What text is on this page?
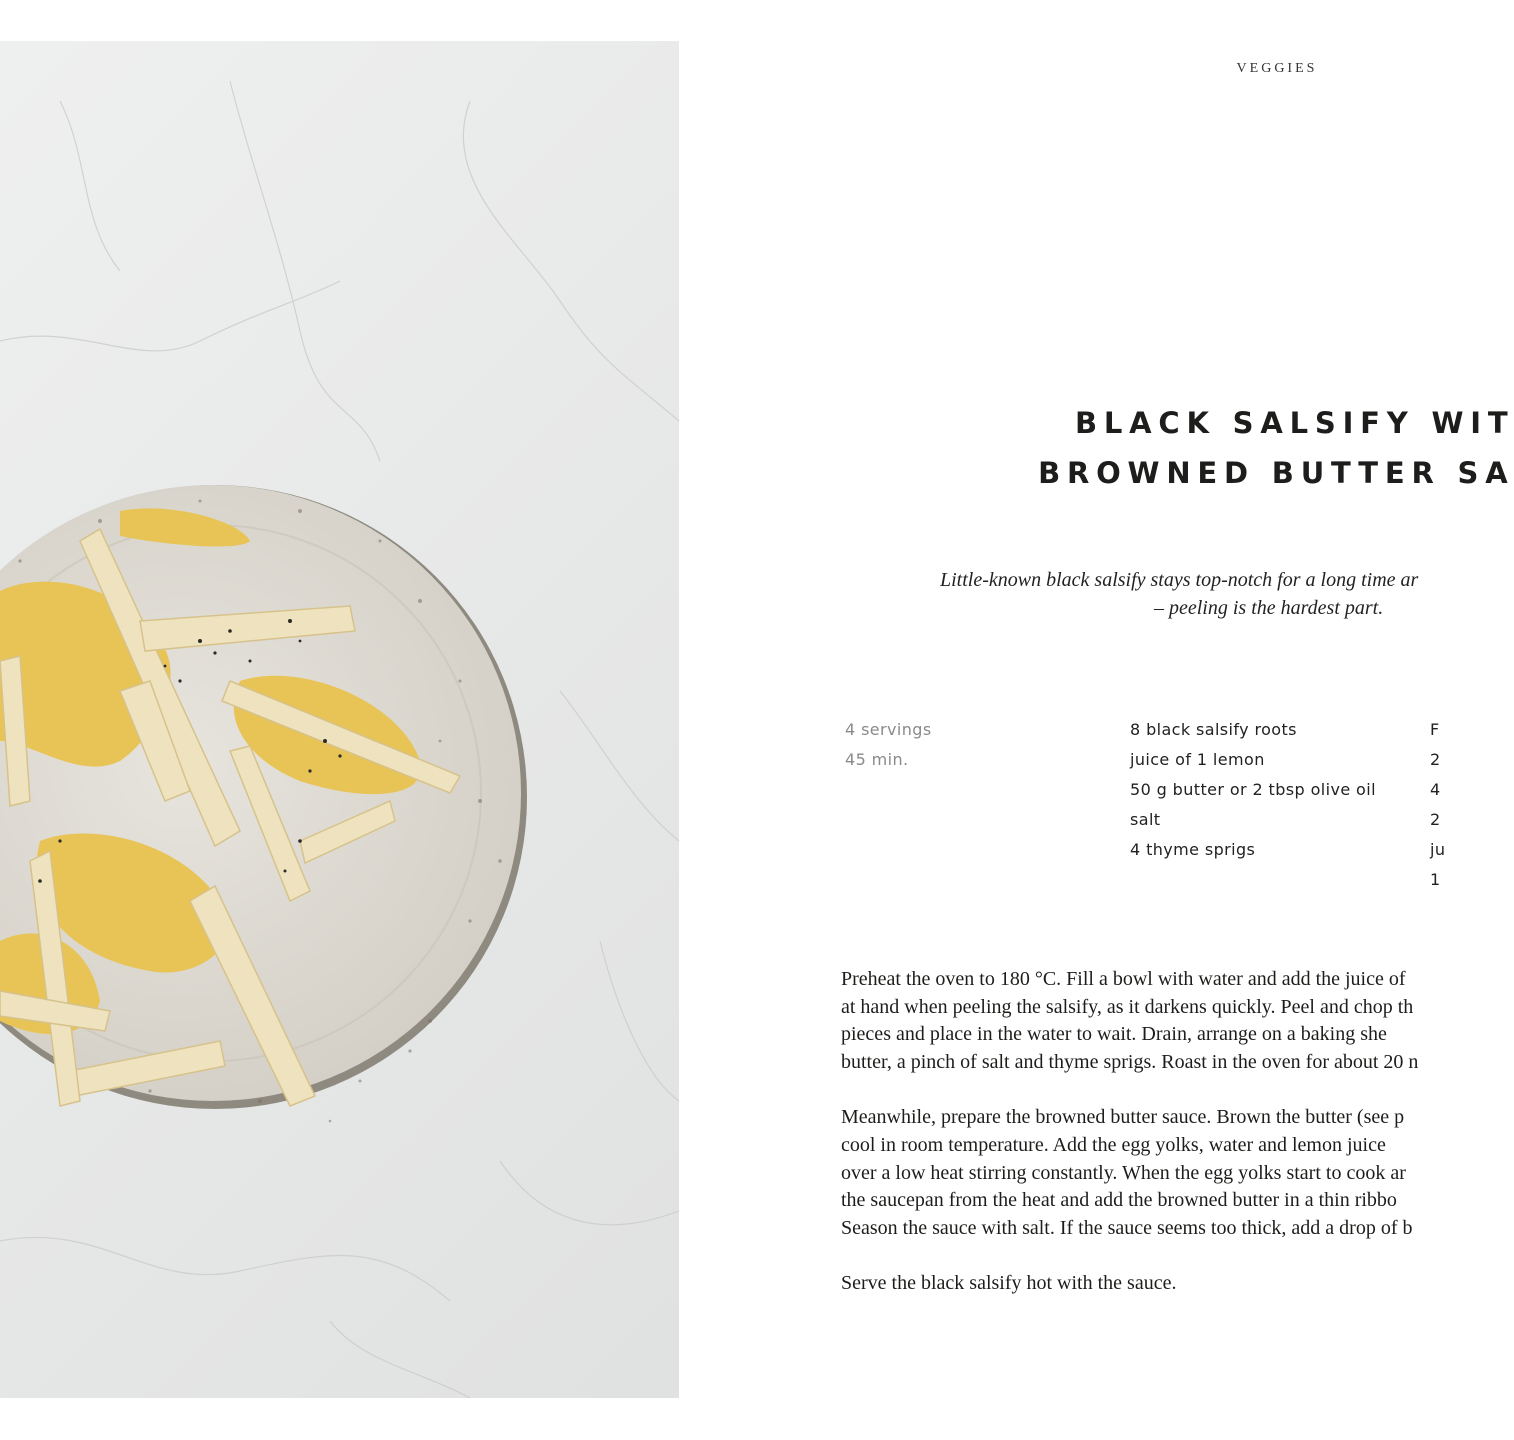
VEGGIES
BLACK SALSIFY WIT
BROWNED BUTTER SA
Little-known black salsify stays top-notch for a long time ar
– peeling is the hardest part.
4 servings
45 min.
8 black salsify roots
juice of 1 lemon
50 g butter or 2 tbsp olive oil
salt
4 thyme sprigs
F
2
4
2
ju
1

Preheat the oven to 180 °C. Fill a bowl with water and add the juice of
at hand when peeling the salsify, as it darkens quickly. Peel and chop th
pieces and place in the water to wait. Drain, arrange on a baking she
butter, a pinch of salt and thyme sprigs. Roast in the oven for about 20 n

Meanwhile, prepare the browned butter sauce. Brown the butter (see p
cool in room temperature. Add the egg yolks, water and lemon juice
over a low heat stirring constantly. When the egg yolks start to cook ar
the saucepan from the heat and add the browned butter in a thin ribbo
Season the sauce with salt. If the sauce seems too thick, add a drop of b

Serve the black salsify hot with the sauce.
